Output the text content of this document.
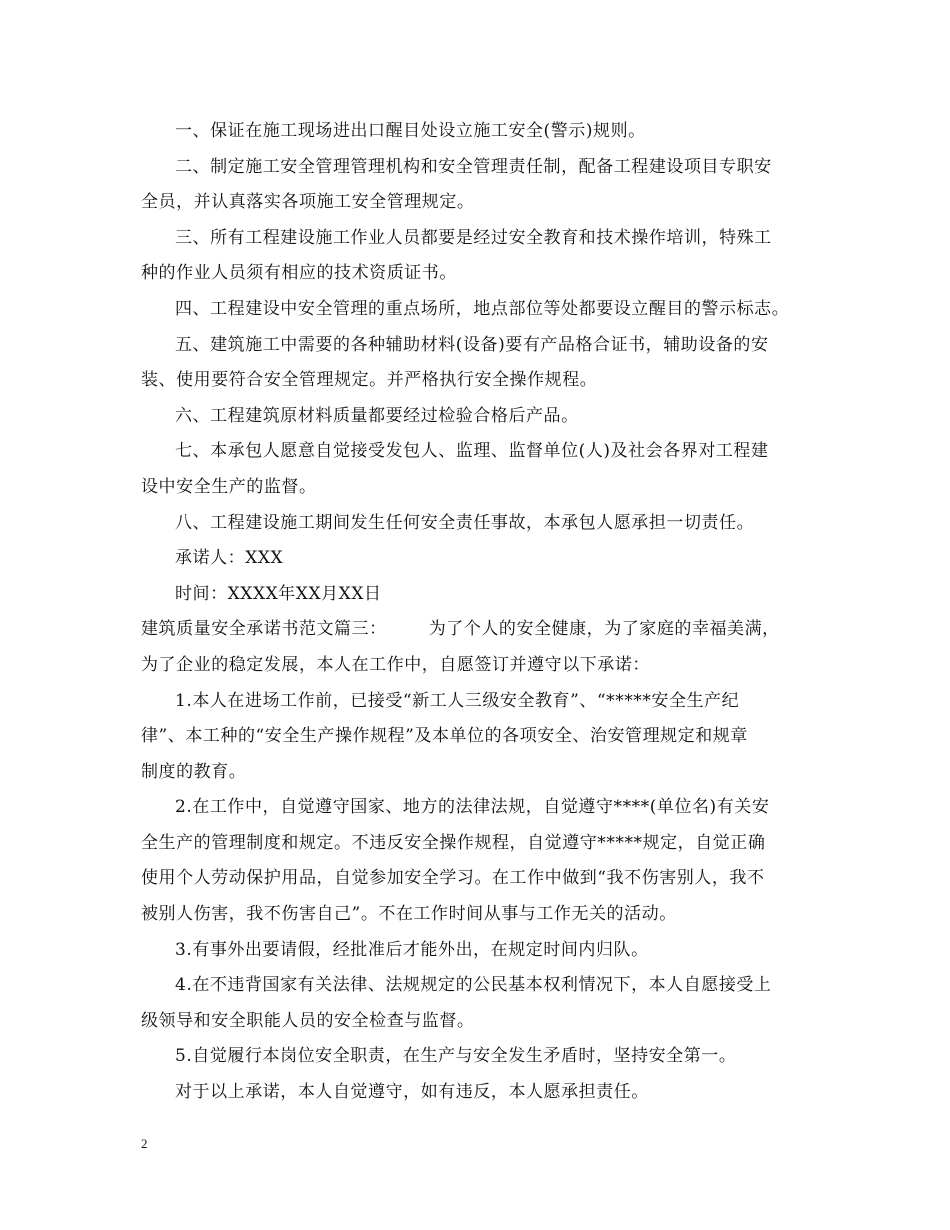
一、保证在施工现场进出口醒目处设立施工安全(警示)规则。

二、制定施工安全管理管理机构和安全管理责任制，配备工程建设项目专职安

全员，并认真落实各项施工安全管理规定。

三、所有工程建设施工作业人员都要是经过安全教育和技术操作培训，特殊工

种的作业人员须有相应的技术资质证书。

四、工程建设中安全管理的重点场所，地点部位等处都要设立醒目的警示标志。

五、建筑施工中需要的各种辅助材料(设备)要有产品格合证书，辅助设备的安

装、使用要符合安全管理规定。并严格执行安全操作规程。

六、工程建筑原材料质量都要经过检验合格后产品。

七、本承包人愿意自觉接受发包人、监理、监督单位(人)及社会各界对工程建

设中安全生产的监督。

八、工程建设施工期间发生任何安全责任事故，本承包人愿承担一切责任。

承诺人：XXX

时间：XXXX年XX月XX日

建筑质量安全承诺书范文篇三： 为了个人的安全健康，为了家庭的幸福美满，

为了企业的稳定发展，本人在工作中，自愿签订并遵守以下承诺：

1.本人在进场工作前，已接受“新工人三级安全教育”、“*****安全生产纪

律”、本工种的“安全生产操作规程”及本单位的各项安全、治安管理规定和规章

制度的教育。

2.在工作中，自觉遵守国家、地方的法律法规，自觉遵守****(单位名)有关安

全生产的管理制度和规定。不违反安全操作规程，自觉遵守*****规定，自觉正确

使用个人劳动保护用品，自觉参加安全学习。在工作中做到“我不伤害别人，我不

被别人伤害，我不伤害自己”。不在工作时间从事与工作无关的活动。

3.有事外出要请假，经批准后才能外出，在规定时间内归队。

4.在不违背国家有关法律、法规规定的公民基本权利情况下，本人自愿接受上

级领导和安全职能人员的安全检查与监督。

5.自觉履行本岗位安全职责，在生产与安全发生矛盾时，坚持安全第一。

对于以上承诺，本人自觉遵守，如有违反，本人愿承担责任。

2
